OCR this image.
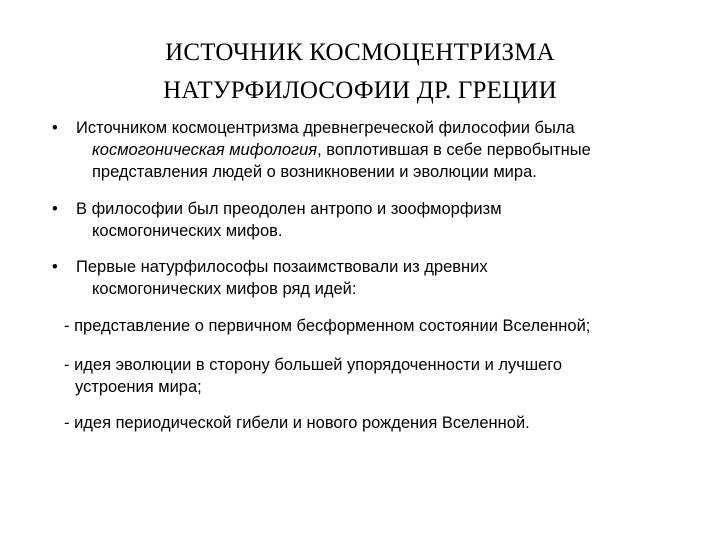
ИСТОЧНИК КОСМОЦЕНТРИЗМА
НАТУРФИЛОСОФИИ ДР. ГРЕЦИИ
•	Источником космоцентризма древнегреческой философии была
космогоническая мифология, воплотившая в себе первобытные
представления людей о возникновении и эволюции мира.
•	В философии был преодолен антропо и зоофморфизм
космогонических мифов.
•	Первые натурфилософы позаимствовали из древних
космогонических мифов ряд идей:
- представление о первичном бесформенном состоянии Вселенной;
- идея эволюции в сторону большей упорядоченности и лучшего
устроения мира;
- идея периодической гибели и нового рождения Вселенной.
